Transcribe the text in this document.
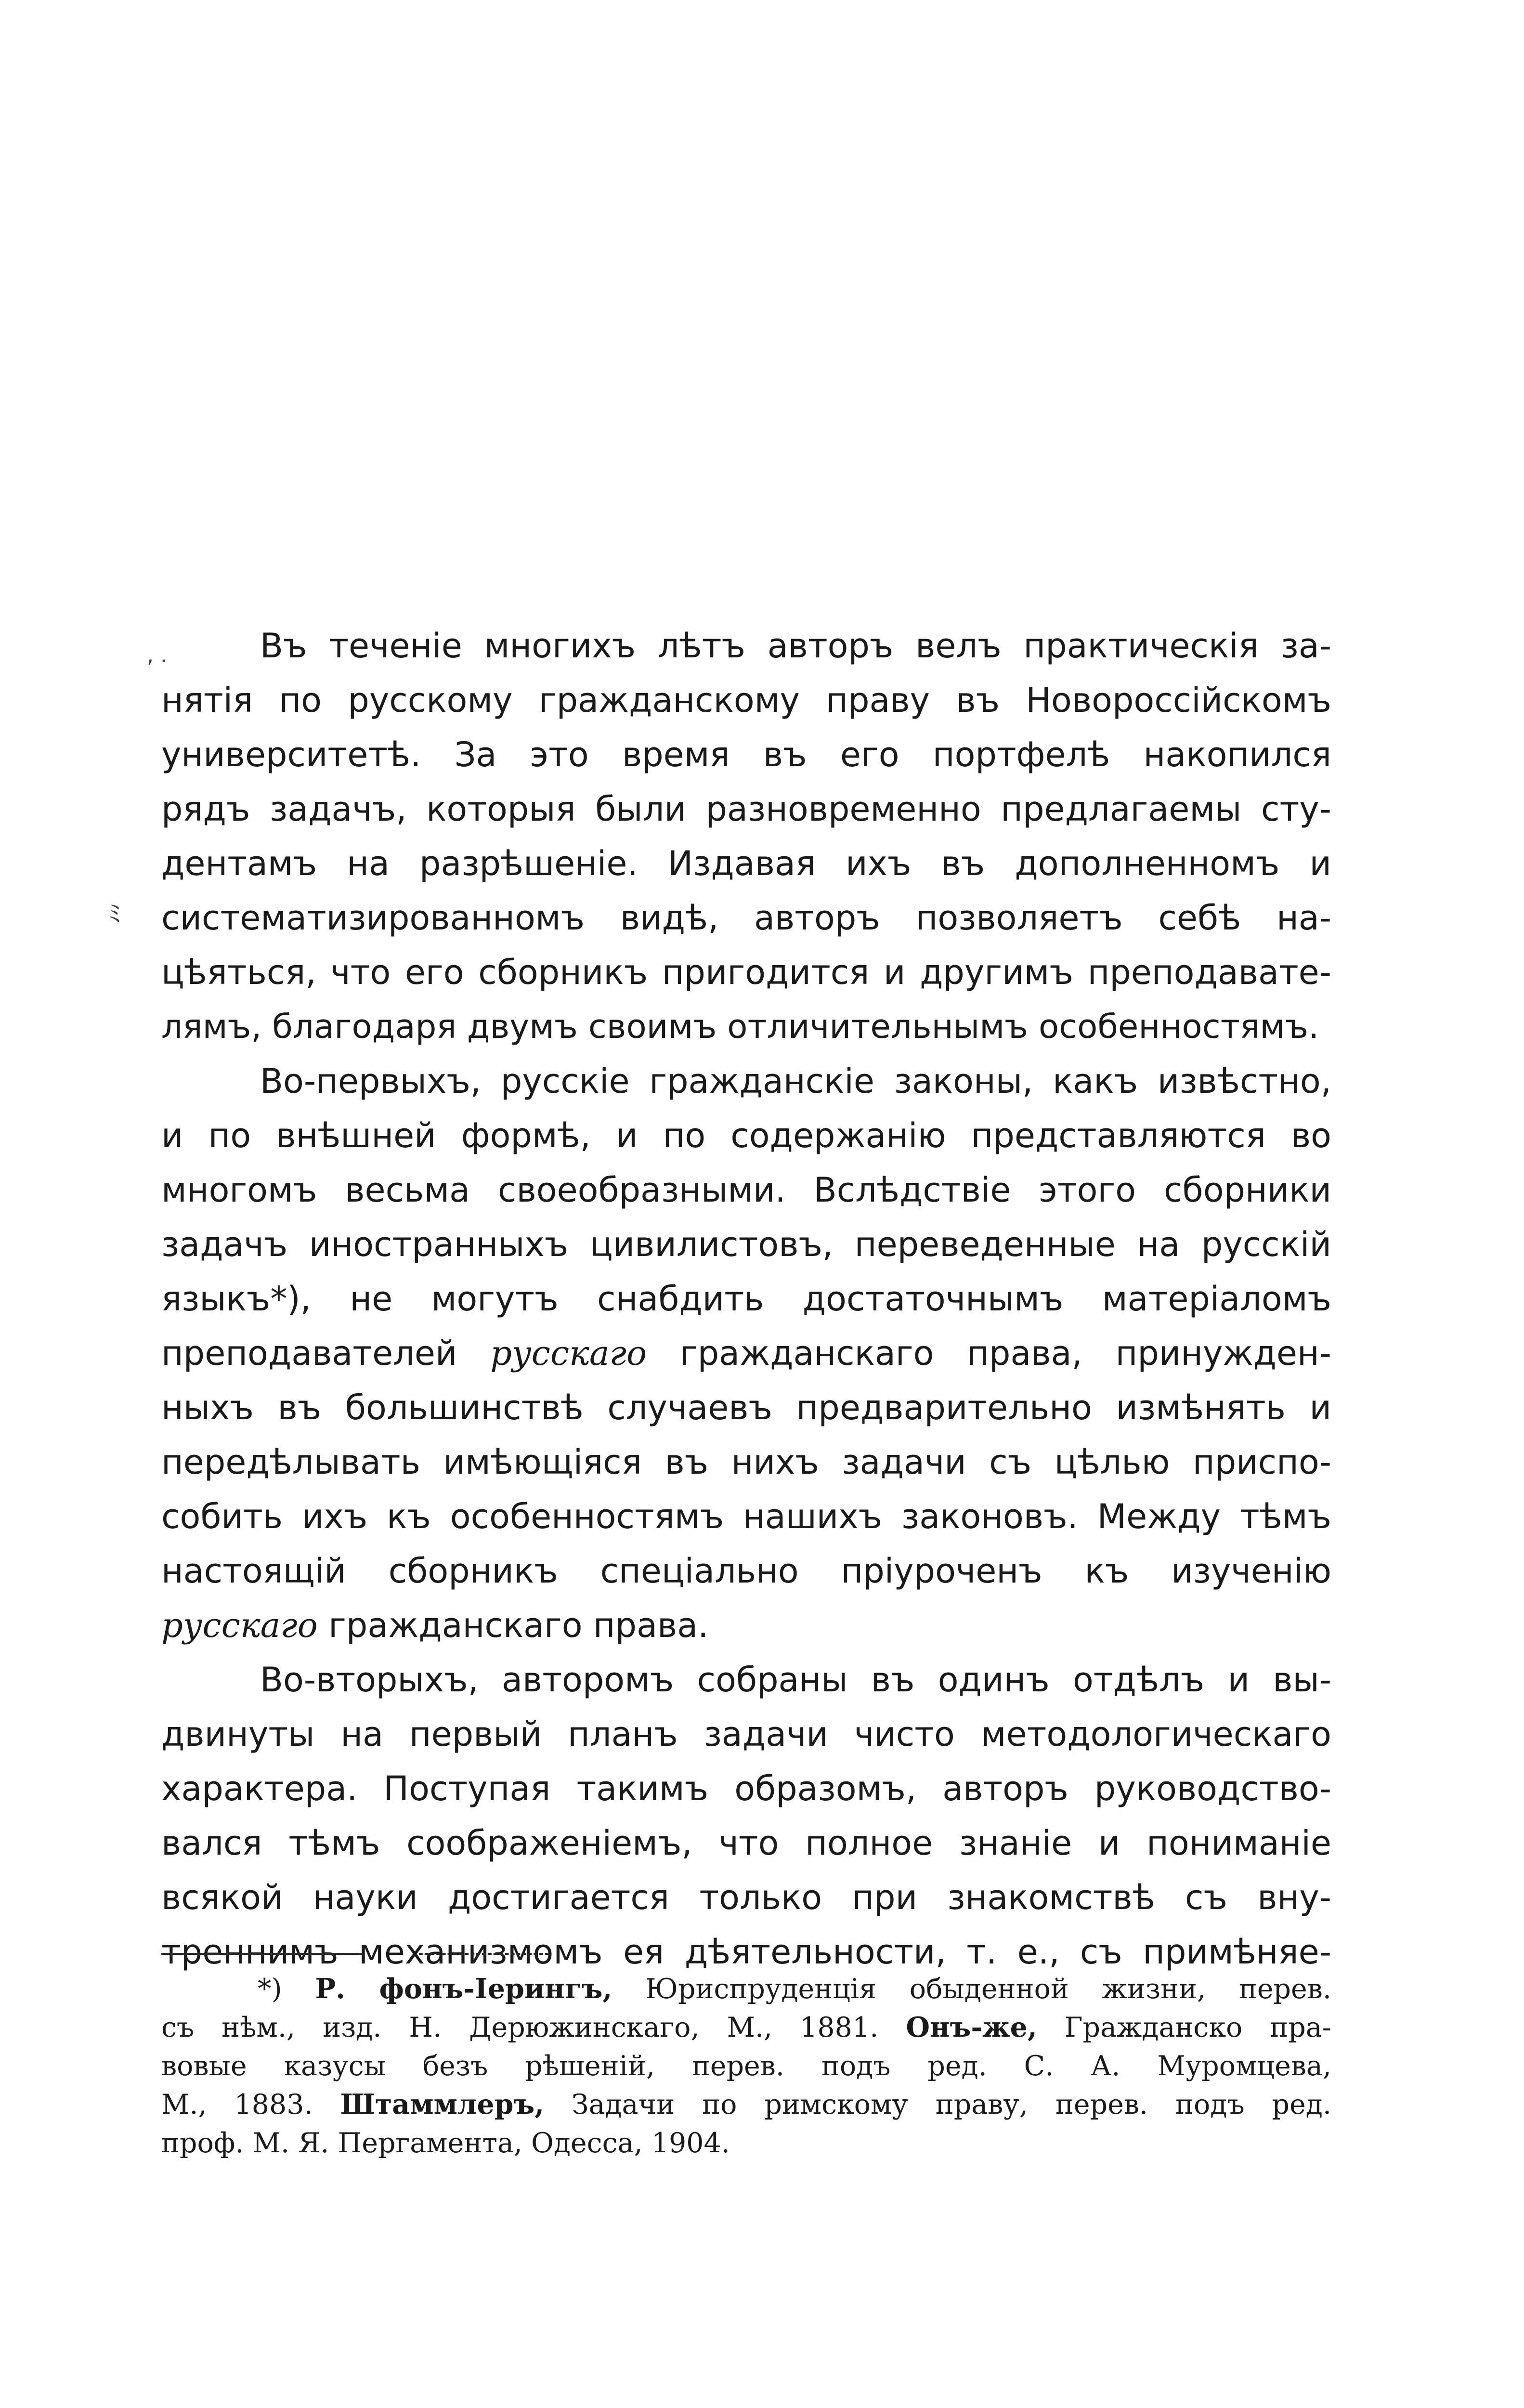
, .
ﾐ
Въ теченіе многихъ лѣтъ авторъ велъ практическія за-
нятія по русскому гражданскому праву въ Новороссійскомъ
университетѣ. За это время въ его портфелѣ накопился
рядъ задачъ, которыя были разновременно предлагаемы сту-
дентамъ на разрѣшеніе. Издавая ихъ въ дополненномъ и
систематизированномъ видѣ, авторъ позволяетъ себѣ на-
цѣяться, что его сборникъ пригодится и другимъ преподавате-
лямъ, благодаря двумъ своимъ отличительнымъ особенностямъ.
Во-первыхъ, русскіе гражданскіе законы, какъ извѣстно,
и по внѣшней формѣ, и по содержанію представляются во
многомъ весьма своеобразными. Вслѣдствіе этого сборники
задачъ иностранныхъ цивилистовъ, переведенные на русскій
языкъ*), не могутъ снабдить достаточнымъ матеріаломъ
преподавателей русскаго гражданскаго права, принужден-
ныхъ въ большинствѣ случаевъ предварительно измѣнять и
передѣлывать имѣющіяся въ нихъ задачи съ цѣлью приспо-
собить ихъ къ особенностямъ нашихъ законовъ. Между тѣмъ
настоящій сборникъ спеціально пріуроченъ къ изученію
русскаго гражданскаго права.
Во-вторыхъ, авторомъ собраны въ одинъ отдѣлъ и вы-
двинуты на первый планъ задачи чисто методологическаго
характера. Поступая такимъ образомъ, авторъ руководство-
вался тѣмъ соображеніемъ, что полное знаніе и пониманіе
всякой науки достигается только при знакомствѣ съ вну-
треннимъ механизмомъ ея дѣятельности, т. е., съ примѣняе-
*) Р. фонъ-Іерингъ, Юриспруденція обыденной жизни, перев.
съ нѣм., изд. Н. Дерюжинскаго, М., 1881. Онъ-же, Гражданско пра-
вовые казусы безъ рѣшеній, перев. подъ ред. С. А. Муромцева,
М., 1883. Штаммлеръ, Задачи по римскому праву, перев. подъ ред.
проф. М. Я. Пергамента, Одесса, 1904.
